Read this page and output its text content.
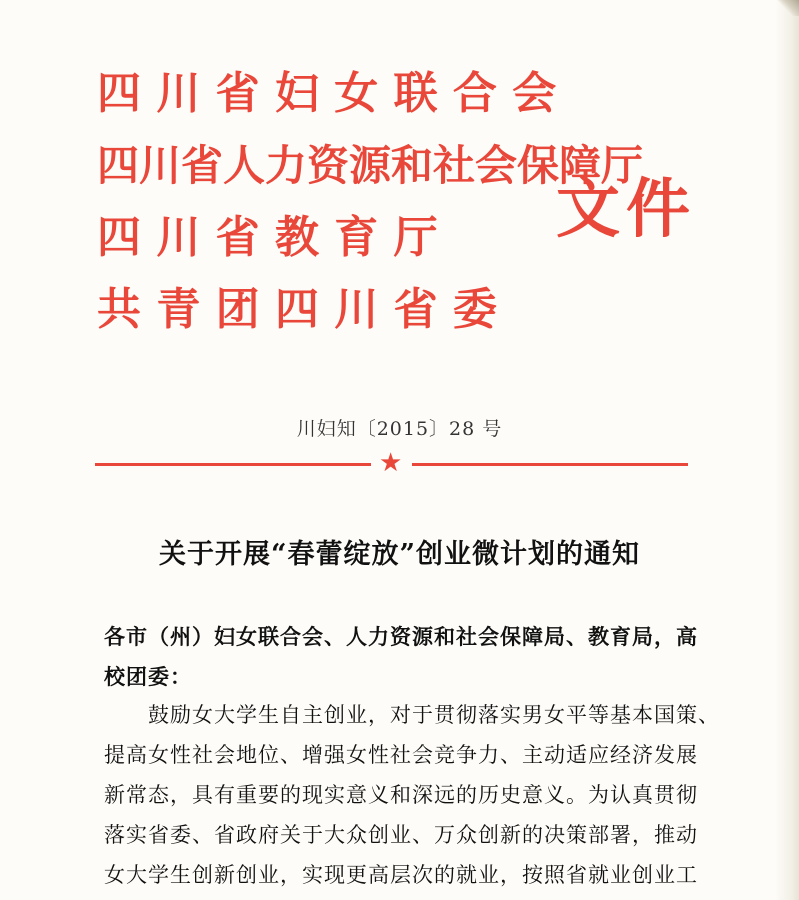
四 川 省 妇 女 联 合 会
四川省人力资源和社会保障厅
四 川 省 教 育 厅
共 青 团 四 川 省 委
文件
川妇知〔2015〕28 号
★
关于开展“春蕾绽放”创业微计划的通知
各市（州）妇女联合会、人力资源和社会保障局、教育局，高
校团委：
鼓励女大学生自主创业，对于贯彻落实男女平等基本国策、
提高女性社会地位、增强女性社会竞争力、主动适应经济发展
新常态，具有重要的现实意义和深远的历史意义。为认真贯彻
落实省委、省政府关于大众创业、万众创新的决策部署，推动
女大学生创新创业，实现更高层次的就业，按照省就业创业工
